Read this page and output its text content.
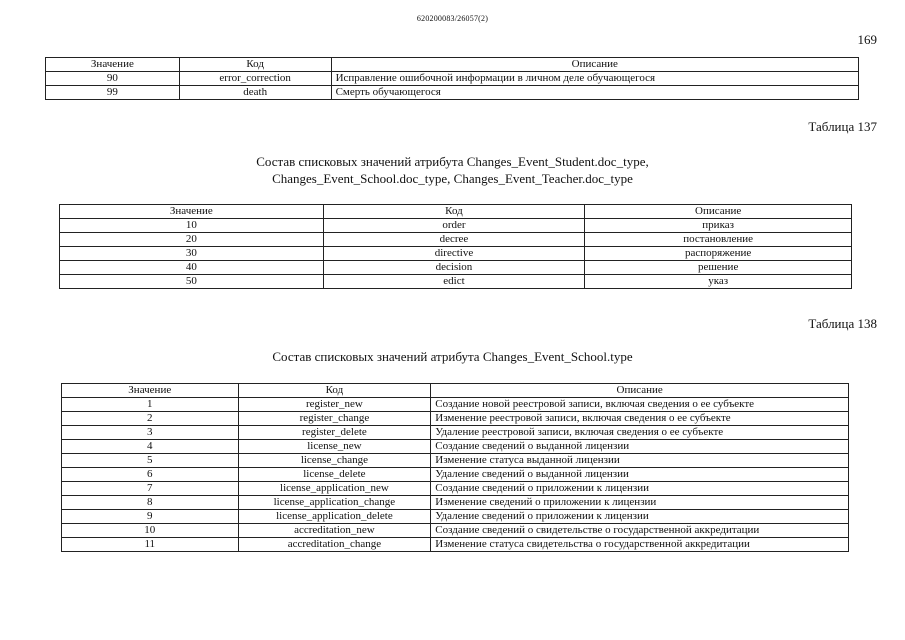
620200083/26057(2)
169
Значение	Код	Описание
90	error_correction	Исправление ошибочной информации в личном деле обучающегося
99	death	Смерть обучающегося
Таблица 137
Состав списковых значений атрибута Changes_Event_Student.doc_type,
Changes_Event_School.doc_type, Changes_Event_Teacher.doc_type
Значение	Код	Описание
10	order	приказ
20	decree	постановление
30	directive	распоряжение
40	decision	решение
50	edict	указ
Таблица 138
Состав списковых значений атрибута Changes_Event_School.type
Значение	Код	Описание
1	register_new	Создание новой реестровой записи, включая сведения о ее субъекте
2	register_change	Изменение реестровой записи, включая сведения о ее субъекте
3	register_delete	Удаление реестровой записи, включая сведения о ее субъекте
4	license_new	Создание сведений о выданной лицензии
5	license_change	Изменение статуса выданной лицензии
6	license_delete	Удаление сведений о выданной лицензии
7	license_application_new	Создание сведений о приложении к лицензии
8	license_application_change	Изменение сведений о приложении к лицензии
9	license_application_delete	Удаление сведений о приложении к лицензии
10	accreditation_new	Создание сведений о свидетельстве о государственной аккредитации
11	accreditation_change	Изменение статуса свидетельства о государственной аккредитации
